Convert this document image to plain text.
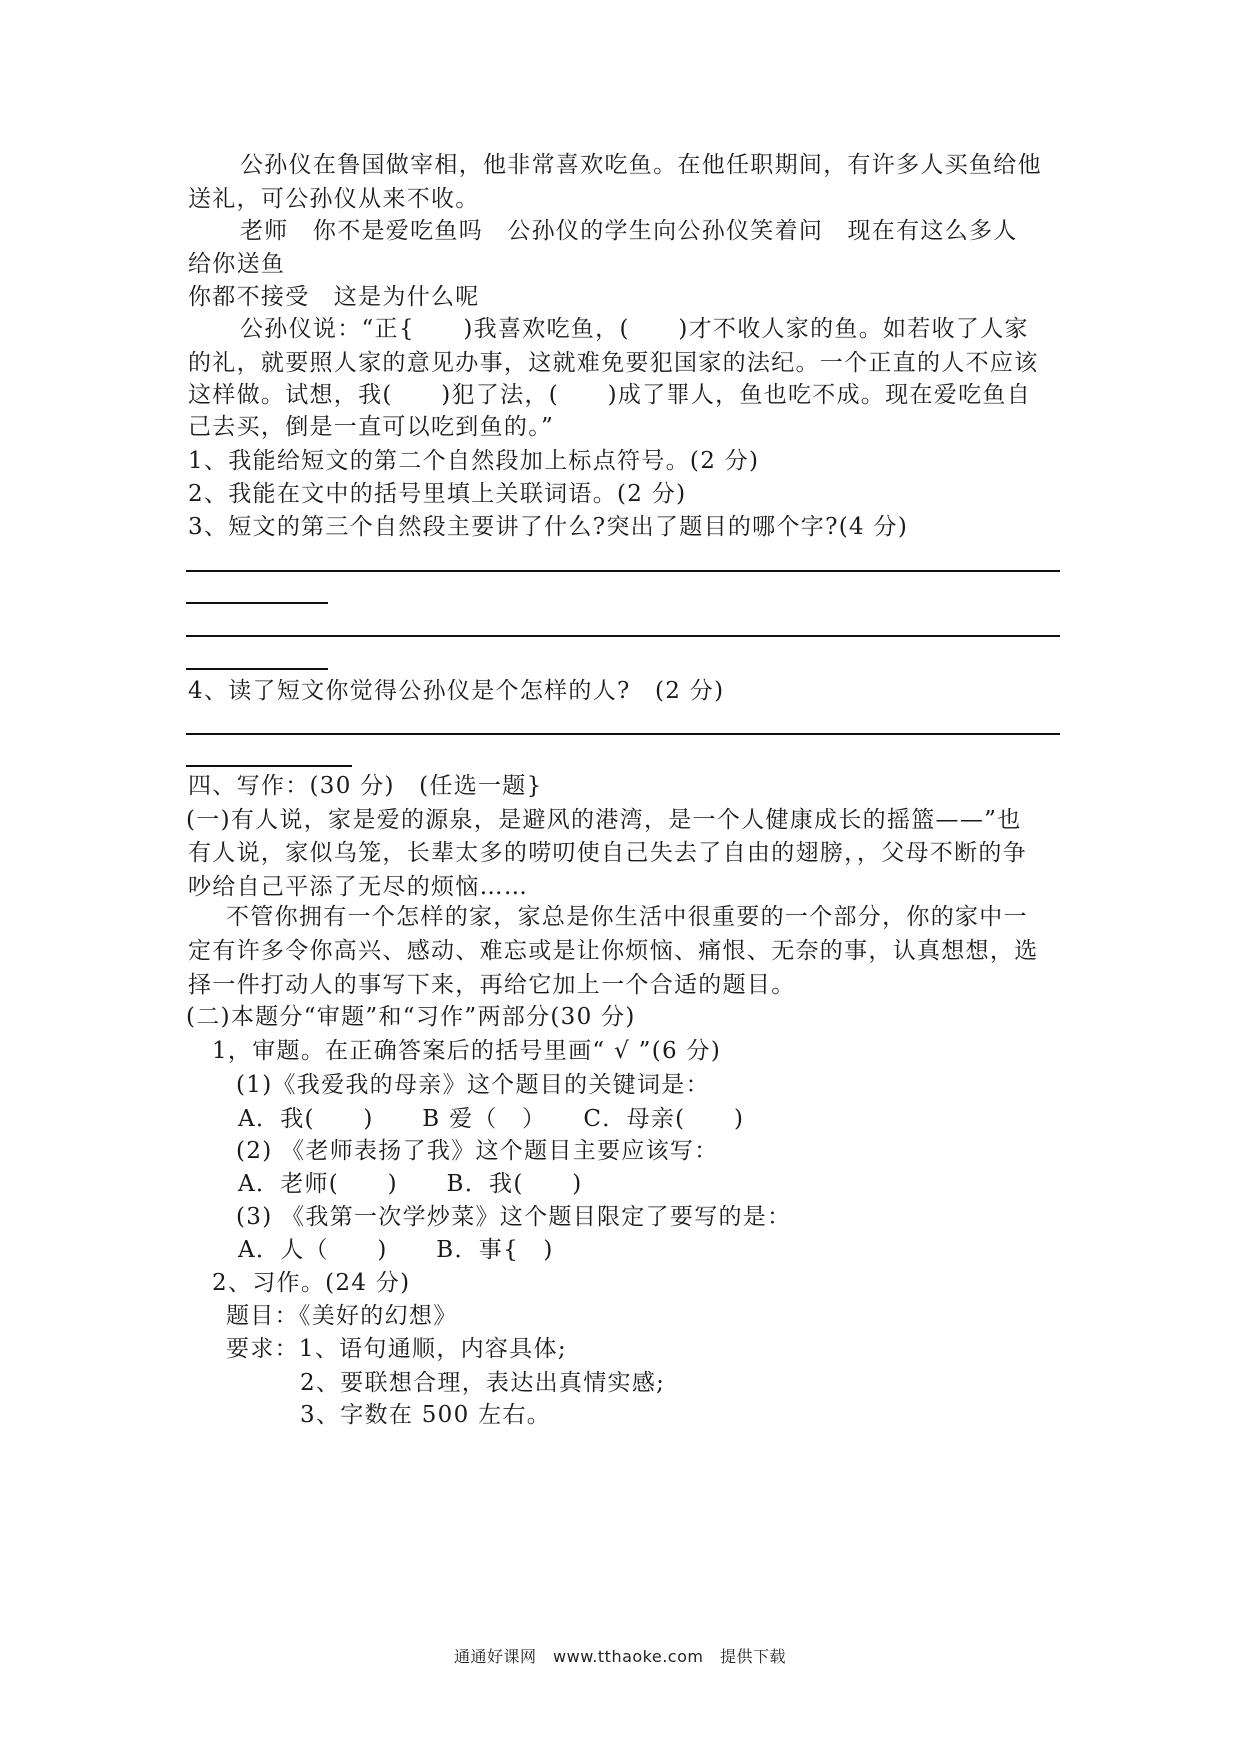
公孙仪在鲁国做宰相，他非常喜欢吃鱼。在他任职期间，有许多人买鱼给他
送礼，可公孙仪从来不收。
老师　你不是爱吃鱼吗　公孙仪的学生向公孙仪笑着问　现在有这么多人
给你送鱼
你都不接受　这是为什么呢
公孙仪说：“正{　　)我喜欢吃鱼，(　　)才不收人家的鱼。如若收了人家
的礼，就要照人家的意见办事，这就难免要犯国家的法纪。一个正直的人不应该
这样做。试想，我(　　)犯了法，(　　)成了罪人，鱼也吃不成。现在爱吃鱼自
己去买，倒是一直可以吃到鱼的。”
1、我能给短文的第二个自然段加上标点符号。(2 分)
2、我能在文中的括号里填上关联词语。(2 分)
3、短文的第三个自然段主要讲了什么?突出了题目的哪个字?(4 分)
4、读了短文你觉得公孙仪是个怎样的人?　(2 分)
四、写作：(30 分)　(任选一题}
(一)有人说，家是爱的源泉，是避风的港湾，是一个人健康成长的摇篮——”也
有人说，家似乌笼，长辈太多的唠叨使自己失去了自由的翅膀，，父母不断的争
吵给自己平添了无尽的烦恼……
不管你拥有一个怎样的家，家总是你生活中很重要的一个部分，你的家中一
定有许多令你高兴、感动、难忘或是让你烦恼、痛恨、无奈的事，认真想想，选
择一件打动人的事写下来，再给它加上一个合适的题目。
(二)本题分“审题”和“习作”两部分(30 分)
1，审题。在正确答案后的括号里画“ √ ”(6 分)
(1)《我爱我的母亲》这个题目的关键词是：
A．我(　　)　　B 爱（　）　　C．母亲(　　)
(2) 《老师表扬了我》这个题目主要应该写：
A．老师(　　)　　B．我(　　)
(3) 《我第一次学炒菜》这个题目限定了要写的是：
A．人（　　)　　B．事{　)
2、习作。(24 分)
题目：《美好的幻想》
要求：1、语句通顺，内容具体;
2、要联想合理，表达出真情实感;
3、字数在 500 左右。
通通好课网　www.tthaoke.com　提供下载
